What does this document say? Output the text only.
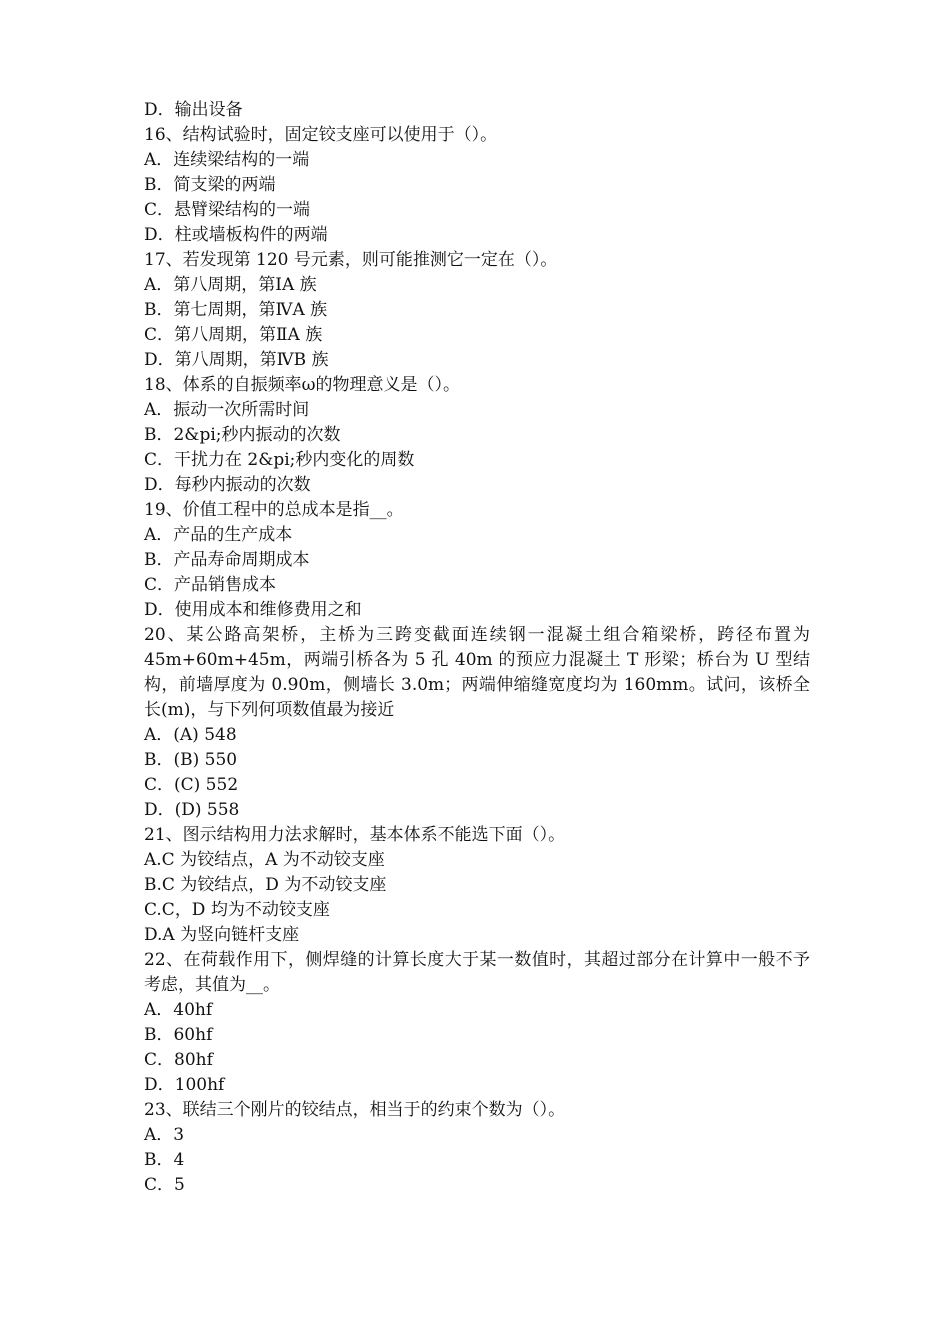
D．输出设备
16、结构试验时，固定铰支座可以使用于（）。
A．连续梁结构的一端
B．简支梁的两端
C．悬臂梁结构的一端
D．柱或墙板构件的两端
17、若发现第 120 号元素，则可能推测它一定在（）。
A．第八周期，第ⅠA 族
B．第七周期，第ⅣA 族
C．第八周期，第ⅡA 族
D．第八周期，第ⅣB 族
18、体系的自振频率ω的物理意义是（）。
A．振动一次所需时间
B．2&pi;秒内振动的次数
C．干扰力在 2&pi;秒内变化的周数
D．每秒内振动的次数
19、价值工程中的总成本是指__。
A．产品的生产成本
B．产品寿命周期成本
C．产品销售成本
D．使用成本和维修费用之和
20、某公路高架桥，主桥为三跨变截面连续钢一混凝土组合箱梁桥，跨径布置为45m+60m+45m，两端引桥各为 5 孔 40m 的预应力混凝土 T 形梁；桥台为 U 型结构，前墙厚度为 0.90m，侧墙长 3.0m；两端伸缩缝宽度均为 160mm。试问，该桥全长(m)，与下列何项数值最为接近
A．(A) 548
B．(B) 550
C．(C) 552
D．(D) 558
21、图示结构用力法求解时，基本体系不能选下面（）。
A.C 为铰结点，A 为不动铰支座
B.C 为铰结点，D 为不动铰支座
C.C，D 均为不动铰支座
D.A 为竖向链杆支座
22、在荷载作用下，侧焊缝的计算长度大于某一数值时，其超过部分在计算中一般不予考虑，其值为__。
A．40hf
B．60hf
C．80hf
D．100hf
23、联结三个刚片的铰结点，相当于的约束个数为（）。
A．3
B．4
C．5
